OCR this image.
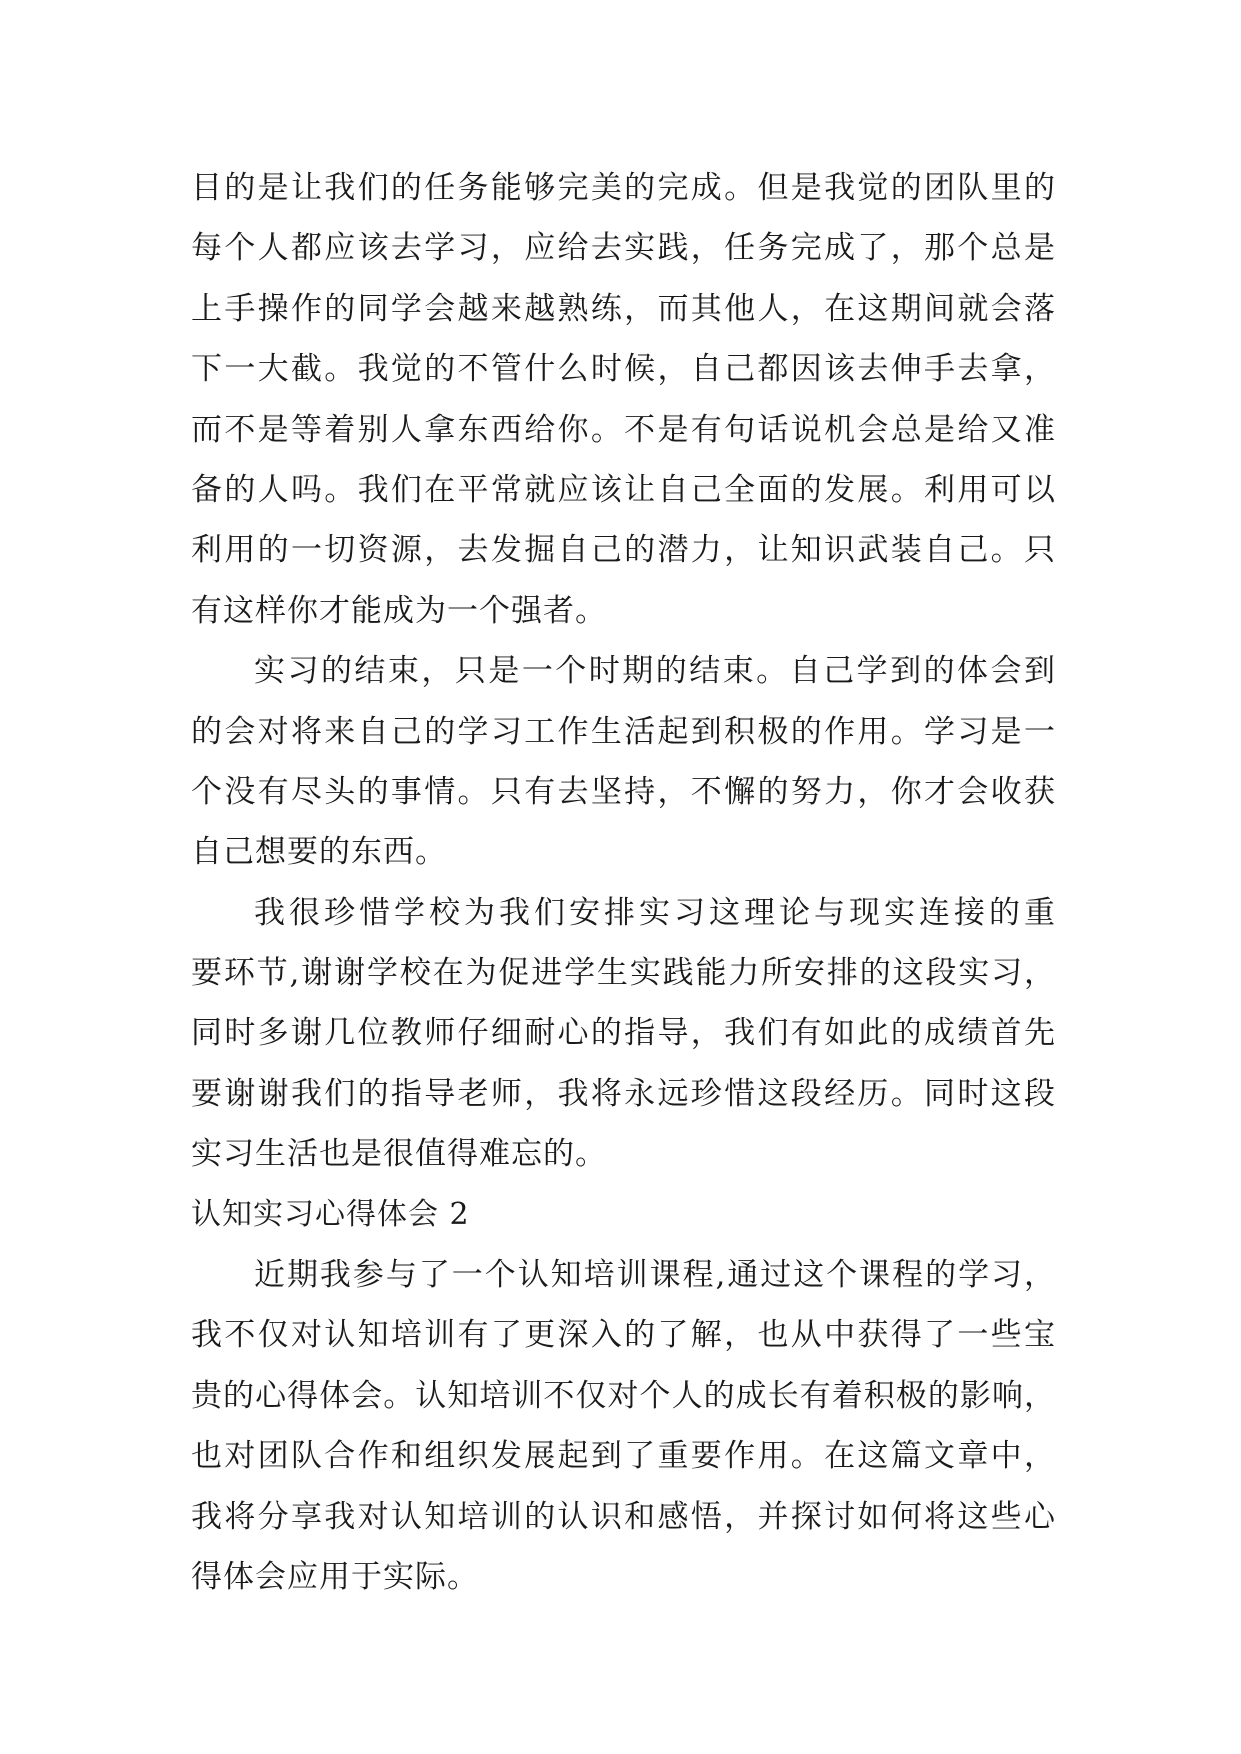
目的是让我们的任务能够完美的完成。但是我觉的团队里的
每个人都应该去学习，应给去实践，任务完成了，那个总是
上手操作的同学会越来越熟练，而其他人，在这期间就会落
下一大截。我觉的不管什么时候，自己都因该去伸手去拿，
而不是等着别人拿东西给你。不是有句话说机会总是给又准
备的人吗。我们在平常就应该让自己全面的发展。利用可以
利用的一切资源，去发掘自己的潜力，让知识武装自己。只
有这样你才能成为一个强者。
实习的结束，只是一个时期的结束。自己学到的体会到
的会对将来自己的学习工作生活起到积极的作用。学习是一
个没有尽头的事情。只有去坚持，不懈的努力，你才会收获
自己想要的东西。
我很珍惜学校为我们安排实习这理论与现实连接的重
要环节,谢谢学校在为促进学生实践能力所安排的这段实习，
同时多谢几位教师仔细耐心的指导，我们有如此的成绩首先
要谢谢我们的指导老师，我将永远珍惜这段经历。同时这段
实习生活也是很值得难忘的。
认知实习心得体会 2
近期我参与了一个认知培训课程,通过这个课程的学习，
我不仅对认知培训有了更深入的了解，也从中获得了一些宝
贵的心得体会。认知培训不仅对个人的成长有着积极的影响，
也对团队合作和组织发展起到了重要作用。在这篇文章中，
我将分享我对认知培训的认识和感悟，并探讨如何将这些心
得体会应用于实际。
